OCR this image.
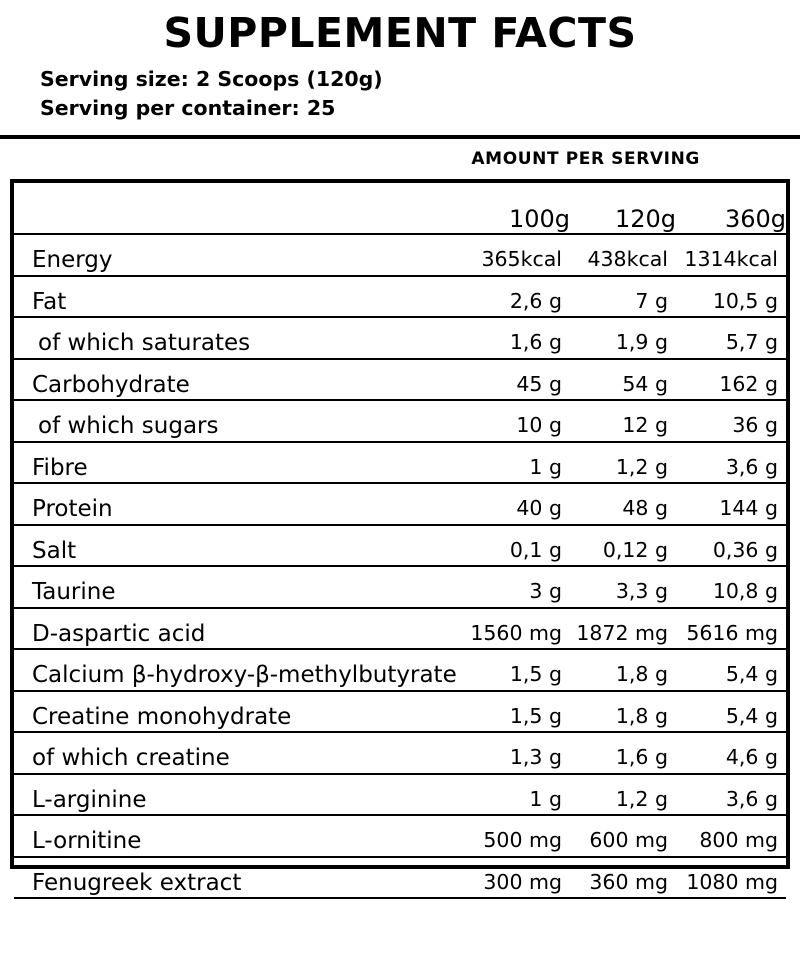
SUPPLEMENT FACTS
Serving size: 2 Scoops (120g)
Serving per container: 25
AMOUNT PER SERVING
	100g	120g	360g
Energy	365kcal	438kcal	1314kcal
Fat	2,6 g	7 g	10,5 g
of which saturates	1,6 g	1,9 g	5,7 g
Carbohydrate	45 g	54 g	162 g
of which sugars	10 g	12 g	36 g
Fibre	1 g	1,2 g	3,6 g
Protein	40 g	48 g	144 g
Salt	0,1 g	0,12 g	0,36 g
Taurine	3 g	3,3 g	10,8 g
D-aspartic acid	1560 mg	1872 mg	5616 mg
Calcium β-hydroxy-β-methylbutyrate	1,5 g	1,8 g	5,4 g
Creatine monohydrate	1,5 g	1,8 g	5,4 g
of which creatine	1,3 g	1,6 g	4,6 g
L-arginine	1 g	1,2 g	3,6 g
L-ornitine	500 mg	600 mg	800 mg
Fenugreek extract	300 mg	360 mg	1080 mg
